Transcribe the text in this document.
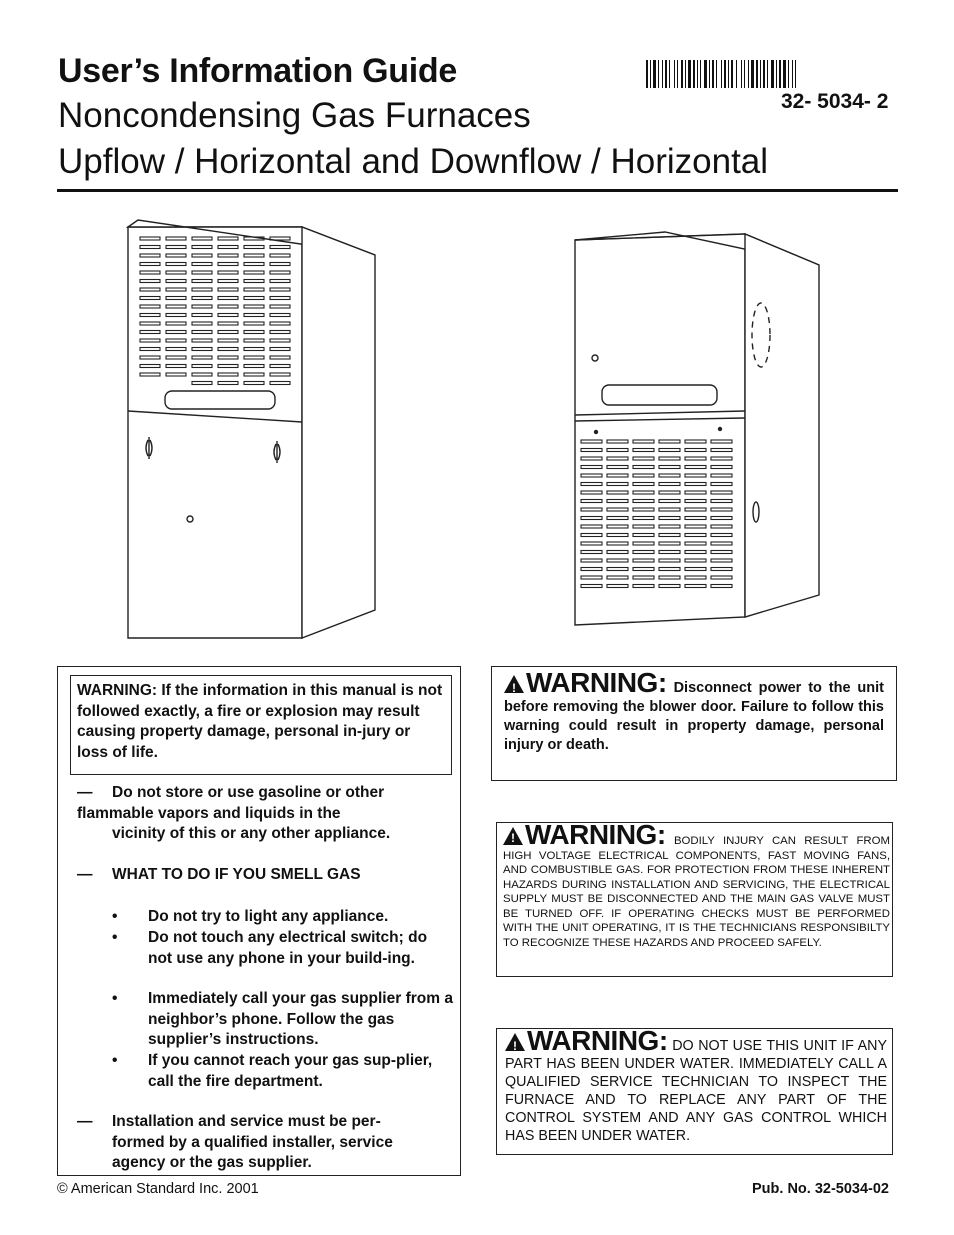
User’s Information Guide
Noncondensing Gas Furnaces
Upflow / Horizontal and Downflow / Horizontal
32- 5034- 2
WARNING: If the information in this manual is not followed exactly, a fire or explosion may result causing property damage, personal in-jury or loss of life.
— Do not store or use gasoline or other
flammable vapors and liquids in the
vicinity of this or any other appliance.
— WHAT TO DO IF YOU SMELL GAS
• Do not try to light any appliance.
• Do not touch any electrical switch; do not use any phone in your build-ing.
• Immediately call your gas supplier from a neighbor’s phone. Follow the gas supplier’s instructions.
• If you cannot reach your gas sup-plier, call the fire department.
— Installation and service must be per-formed by a qualified installer, service agency or the gas supplier.
!WARNING: Disconnect power to the unit before removing the blower door. Failure to follow this warning could result in property damage, personal injury or death.
!WARNING: BODILY INJURY CAN RESULT FROM HIGH VOLTAGE ELECTRICAL COMPONENTS, FAST MOVING FANS, AND COMBUSTIBLE GAS. FOR PROTECTION FROM THESE INHERENT HAZARDS DURING INSTALLATION AND SERVICING, THE ELECTRICAL SUPPLY MUST BE DISCONNECTED AND THE MAIN GAS VALVE MUST BE TURNED OFF. IF OPERATING CHECKS MUST BE PERFORMED WITH THE UNIT OPERATING, IT IS THE TECHNICIANS RESPONSIBILTY TO RECOGNIZE THESE HAZARDS AND PROCEED SAFELY.
!WARNING: DO NOT USE THIS UNIT IF ANY PART HAS BEEN UNDER WATER. IMMEDIATELY CALL A QUALIFIED SERVICE TECHNICIAN TO INSPECT THE FURNACE AND TO REPLACE ANY PART OF THE CONTROL SYSTEM AND ANY GAS CONTROL WHICH HAS BEEN UNDER WATER.
© American Standard Inc. 2001	Pub. No. 32-5034-02
